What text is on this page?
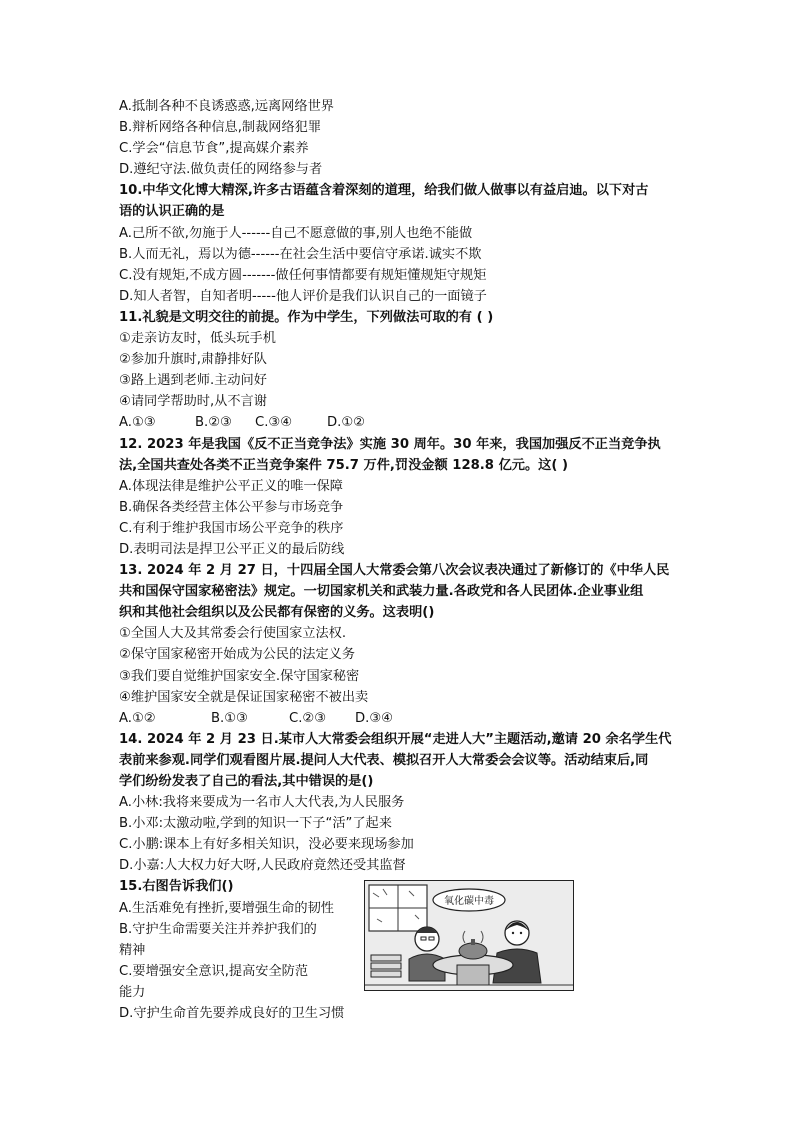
A.抵制各种不良诱惑惑,远离网络世界
B.辩析网络各种信息,制裁网络犯罪
C.学会“信息节食”,提高媒介素养
D.遵纪守法.做负责任的网络参与者
10.中华文化博大精深,许多古语蕴含着深刻的道理，给我们做人做事以有益启迪。以下对古
语的认识正确的是
A.己所不欲,勿施于人------自己不愿意做的事,别人也绝不能做
B.人而无礼，焉以为德------在社会生活中要信守承诺.诚实不欺
C.没有规矩,不成方圆-------做任何事情都要有规矩懂规矩守规矩
D.知人者智，自知者明-----他人评价是我们认识自己的一面镜子
11.礼貌是文明交往的前提。作为中学生，下列做法可取的有 ( )
①走亲访友时，低头玩手机
②参加升旗时,肃静排好队
③路上遇到老师.主动问好
④请同学帮助时,从不言谢
A.①③	B.②③ C.③④	D.①②
12. 2023 年是我国《反不正当竞争法》实施 30 周年。30 年来，我国加强反不正当竞争执
法,全国共查处各类不正当竞争案件 75.7 万件,罚没金额 128.8 亿元。这( )
A.体现法律是维护公平正义的唯一保障
B.确保各类经营主体公平参与市场竞争
C.有利于维护我国市场公平竞争的秩序
D.表明司法是捍卫公平正义的最后防线
13. 2024 年 2 月 27 日，十四届全国人大常委会第八次会议表决通过了新修订的《中华人民
共和国保守国家秘密法》规定。一切国家机关和武装力量.各政党和各人民团体.企业事业组
织和其他社会组织以及公民都有保密的义务。这表明()
①全国人大及其常委会行使国家立法权.
②保守国家秘密开始成为公民的法定义务
③我们要自觉维护国家安全.保守国家秘密
④维护国家安全就是保证国家秘密不被出卖
A.①②	B.①③	C.②③ D.③④
14. 2024 年 2 月 23 日.某市人大常委会组织开展“走进人大”主题活动,邀请 20 余名学生代
表前来参观.同学们观看图片展.提问人大代表、模拟召开人大常委会会议等。活动结束后,同
学们纷纷发表了自己的看法,其中错误的是()
A.小林:我将来要成为一名市人大代表,为人民服务
B.小邓:太激动啦,学到的知识一下子“活”了起来
C.小鹏:课本上有好多相关知识，没必要来现场参加
D.小嘉:人大权力好大呀,人民政府竟然还受其监督
15.右图告诉我们()
A.生活难免有挫折,要增强生命的韧性
B.守护生命需要关注并养护我们的
精神
C.要增强安全意识,提高安全防范
能力
D.守护生命首先要养成良好的卫生习惯
氧化碳中毒
